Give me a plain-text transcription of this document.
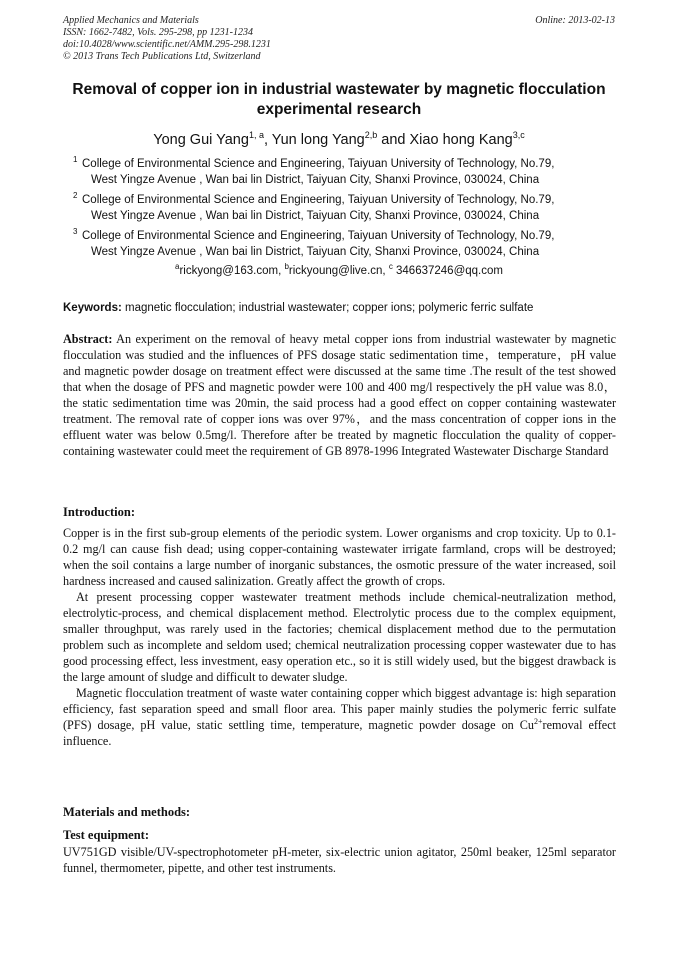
Applied Mechanics and Materials
ISSN: 1662-7482, Vols. 295-298, pp 1231-1234
doi:10.4028/www.scientific.net/AMM.295-298.1231
© 2013 Trans Tech Publications Ltd, Switzerland
Online: 2013-02-13
Removal of copper ion in industrial wastewater by magnetic flocculation experimental research
Yong Gui Yang$^{1, a}$, Yun long Yang$^{2,b}$ and Xiao hong Kang$^{3,c}$
1 College of Environmental Science and Engineering, Taiyuan University of Technology, No.79,
West Yingze Avenue , Wan bai lin District, Taiyuan City, Shanxi Province, 030024, China
2 College of Environmental Science and Engineering, Taiyuan University of Technology, No.79,
West Yingze Avenue , Wan bai lin District, Taiyuan City, Shanxi Province, 030024, China
3 College of Environmental Science and Engineering, Taiyuan University of Technology, No.79,
West Yingze Avenue , Wan bai lin District, Taiyuan City, Shanxi Province, 030024, China
$^a$rickyong@163.com, $^b$rickyoung@live.cn, $^c$ 346637246@qq.com
Keywords: magnetic flocculation; industrial wastewater; copper ions; polymeric ferric sulfate
Abstract: An experiment on the removal of heavy metal copper ions from industrial wastewater by magnetic flocculation was studied and the influences of PFS dosage static sedimentation time，temperature，pH value and magnetic powder dosage on treatment effect were discussed at the same time .The result of the test showed that when the dosage of PFS and magnetic powder were 100 and 400 mg/l respectively the pH value was 8.0，the static sedimentation time was 20min, the said process had a good effect on copper containing wastewater treatment. The removal rate of copper ions was over 97%，and the mass concentration of copper ions in the effluent water was below 0.5mg/l. Therefore after be treated by magnetic flocculation the quality of copper-containing wastewater could meet the requirement of GB 8978-1996 Integrated Wastewater Discharge Standard
Introduction:

Copper is in the first sub-group elements of the periodic system. Lower organisms and crop toxicity. Up to 0.1-0.2 mg/l can cause fish dead; using copper-containing wastewater irrigate farmland, crops will be destroyed; when the soil contains a large number of inorganic substances, the osmotic pressure of the water increased, soil hardness increased and caused salinization. Greatly affect the growth of crops.

At present processing copper wastewater treatment methods include chemical-neutralization method, electrolytic-process, and chemical displacement method. Electrolytic process due to the complex equipment, smaller throughput, was rarely used in the factories; chemical displacement method due to the permutation problem such as incomplete and seldom used; chemical neutralization processing copper wastewater due to has good processing effect, less investment, easy operation etc., so it is still widely used, but the biggest drawback is the large amount of sludge and difficult to dewater sludge.

Magnetic flocculation treatment of waste water containing copper which biggest advantage is: high separation efficiency, fast separation speed and small floor area. This paper mainly studies the polymeric ferric sulfate (PFS) dosage, pH value, static settling time, temperature, magnetic powder dosage on $Cu^{2+}removal$ effect influence.

Materials and methods:
Test equipment:

UV751GD visible/UV-spectrophotometer pH-meter, six-electric union agitator, 250ml beaker, 125ml separator funnel, thermometer, pipette, and other test instruments.
